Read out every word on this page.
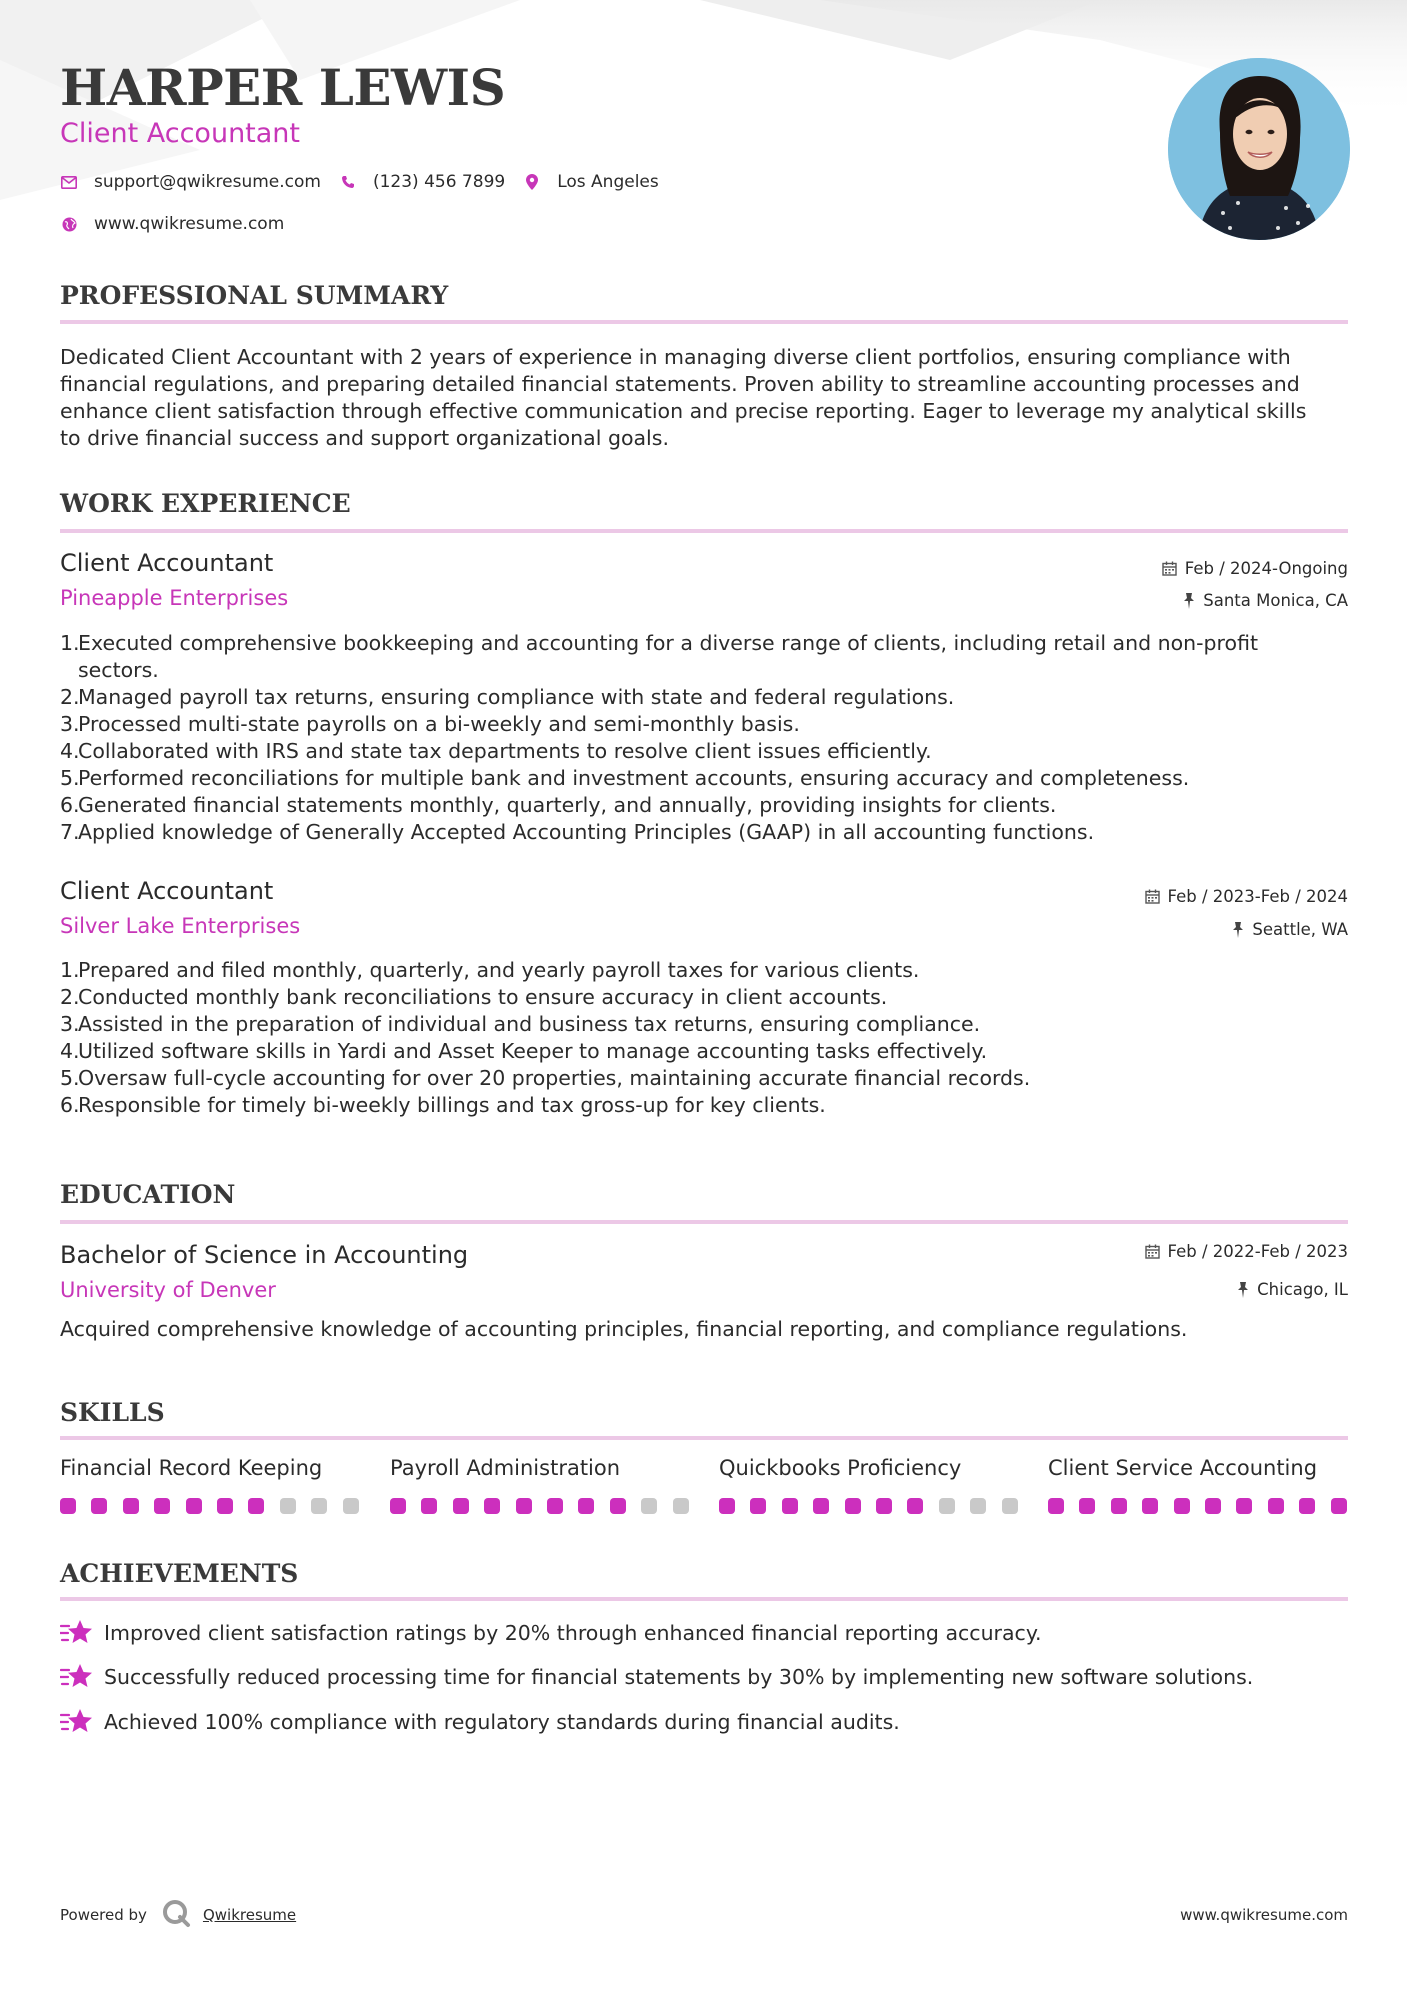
HARPER LEWIS
Client Accountant
support@qwikresume.com	(123) 456 7899	Los Angeles
www.qwikresume.com
PROFESSIONAL SUMMARY
Dedicated Client Accountant with 2 years of experience in managing diverse client portfolios, ensuring compliance with
financial regulations, and preparing detailed financial statements. Proven ability to streamline accounting processes and
enhance client satisfaction through effective communication and precise reporting. Eager to leverage my analytical skills
to drive financial success and support organizational goals.
WORK EXPERIENCE
Client Accountant
Pineapple Enterprises
Feb / 2024-Ongoing
Santa Monica, CA
1.
Executed comprehensive bookkeeping and accounting for a diverse range of clients, including retail and non-profit
sectors.
2.
Managed payroll tax returns, ensuring compliance with state and federal regulations.
3.
Processed multi-state payrolls on a bi-weekly and semi-monthly basis.
4.
Collaborated with IRS and state tax departments to resolve client issues efficiently.
5.
Performed reconciliations for multiple bank and investment accounts, ensuring accuracy and completeness.
6.
Generated financial statements monthly, quarterly, and annually, providing insights for clients.
7.
Applied knowledge of Generally Accepted Accounting Principles (GAAP) in all accounting functions.
Client Accountant
Silver Lake Enterprises
Feb / 2023-Feb / 2024
Seattle, WA
1.
Prepared and filed monthly, quarterly, and yearly payroll taxes for various clients.
2.
Conducted monthly bank reconciliations to ensure accuracy in client accounts.
3.
Assisted in the preparation of individual and business tax returns, ensuring compliance.
4.
Utilized software skills in Yardi and Asset Keeper to manage accounting tasks effectively.
5.
Oversaw full-cycle accounting for over 20 properties, maintaining accurate financial records.
6.
Responsible for timely bi-weekly billings and tax gross-up for key clients.
EDUCATION
Bachelor of Science in Accounting
University of Denver
Feb / 2022-Feb / 2023
Chicago, IL
Acquired comprehensive knowledge of accounting principles, financial reporting, and compliance regulations.
SKILLS
Financial Record Keeping	Payroll Administration	Quickbooks Proficiency	Client Service Accounting
ACHIEVEMENTS
Improved client satisfaction ratings by 20% through enhanced financial reporting accuracy.
Successfully reduced processing time for financial statements by 30% by implementing new software solutions.
Achieved 100% compliance with regulatory standards during financial audits.
Powered by	Qwikresume	www.qwikresume.com
